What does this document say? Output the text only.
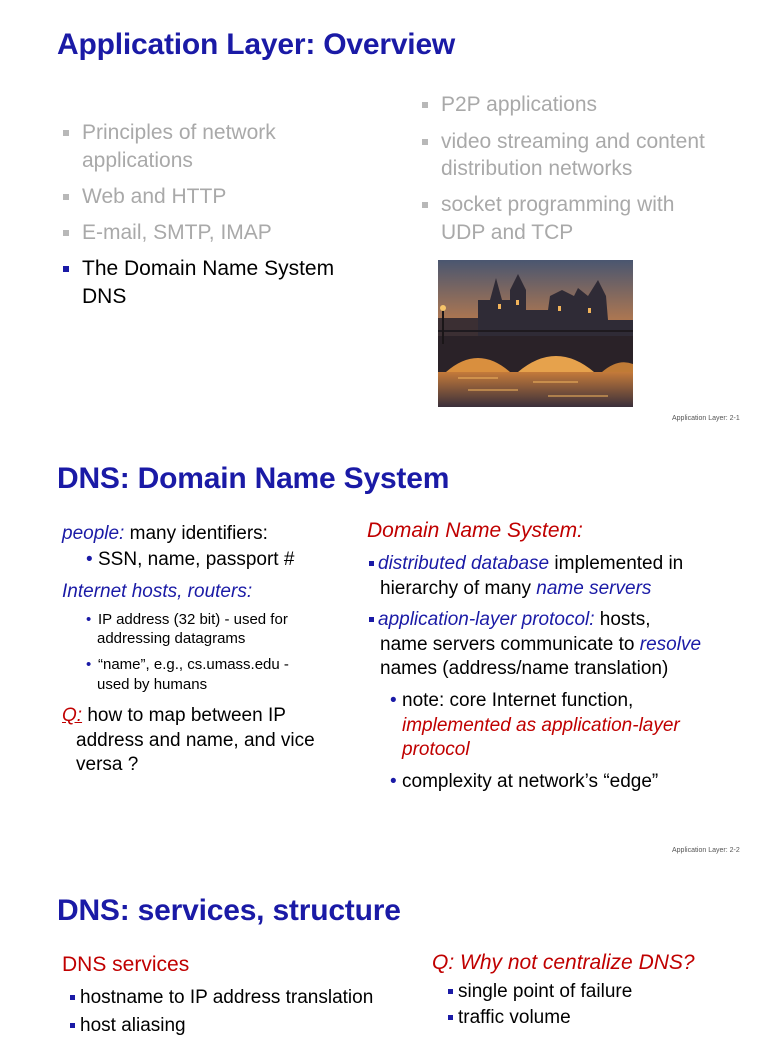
Application Layer: Overview
Principles of network
applications
Web and HTTP
E-mail, SMTP, IMAP
The Domain Name System
DNS
P2P applications
video streaming and content
distribution networks
socket programming with
UDP and TCP
Application Layer: 2-1
DNS: Domain Name System
people: many identifiers:
• SSN, name, passport #
Internet hosts, routers:
• IP address (32 bit) - used for
addressing datagrams
• “name”, e.g., cs.umass.edu -
used by humans
Q: how to map between IP
address and name, and vice
versa ?
Domain Name System:
distributed database implemented in
hierarchy of many name servers
application-layer protocol: hosts,
name servers communicate to resolve
names (address/name translation)
• note: core Internet function,
implemented as application-layer
protocol
• complexity at network’s “edge”
Application Layer: 2-2
DNS: services, structure
DNS services
hostname to IP address translation
host aliasing
Q: Why not centralize DNS?
single point of failure
traffic volume
